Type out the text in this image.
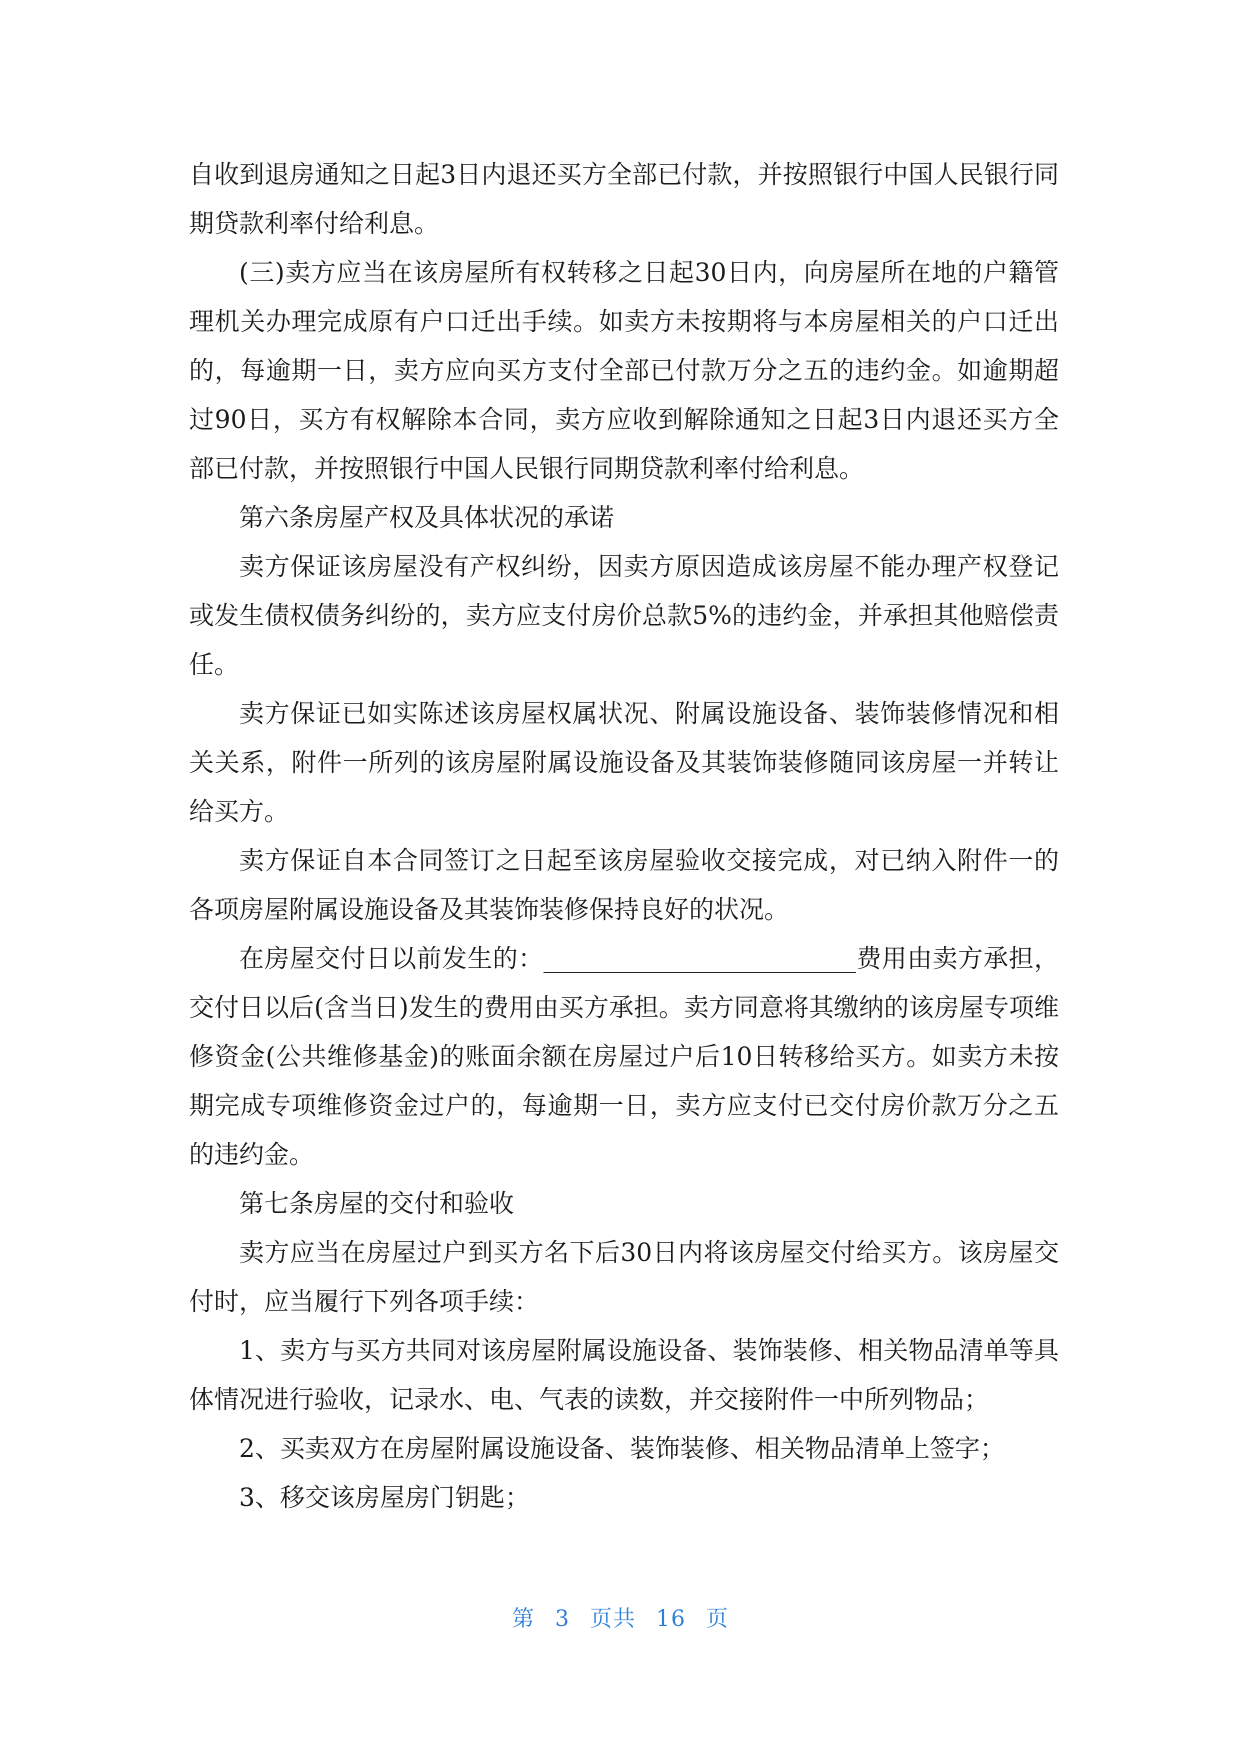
自收到退房通知之日起3日内退还买方全部已付款，并按照银行中国人民银行同期贷款利率付给利息。

(三)卖方应当在该房屋所有权转移之日起30日内，向房屋所在地的户籍管理机关办理完成原有户口迁出手续。如卖方未按期将与本房屋相关的户口迁出的，每逾期一日，卖方应向买方支付全部已付款万分之五的违约金。如逾期超过90日，买方有权解除本合同，卖方应收到解除通知之日起3日内退还买方全部已付款，并按照银行中国人民银行同期贷款利率付给利息。

第六条房屋产权及具体状况的承诺

卖方保证该房屋没有产权纠纷，因卖方原因造成该房屋不能办理产权登记或发生债权债务纠纷的，卖方应支付房价总款5%的违约金，并承担其他赔偿责任。

卖方保证已如实陈述该房屋权属状况、附属设施设备、装饰装修情况和相关关系，附件一所列的该房屋附属设施设备及其装饰装修随同该房屋一并转让给买方。

卖方保证自本合同签订之日起至该房屋验收交接完成，对已纳入附件一的各项房屋附属设施设备及其装饰装修保持良好的状况。

在房屋交付日以前发生的：_________________________费用由卖方承担，交付日以后(含当日)发生的费用由买方承担。卖方同意将其缴纳的该房屋专项维修资金(公共维修基金)的账面余额在房屋过户后10日转移给买方。如卖方未按期完成专项维修资金过户的，每逾期一日，卖方应支付已交付房价款万分之五的违约金。

第七条房屋的交付和验收

卖方应当在房屋过户到买方名下后30日内将该房屋交付给买方。该房屋交付时，应当履行下列各项手续：

1、卖方与买方共同对该房屋附属设施设备、装饰装修、相关物品清单等具体情况进行验收，记录水、电、气表的读数，并交接附件一中所列物品；

2、买卖双方在房屋附属设施设备、装饰装修、相关物品清单上签字；

3、移交该房屋房门钥匙；

第 3 页共 16 页
